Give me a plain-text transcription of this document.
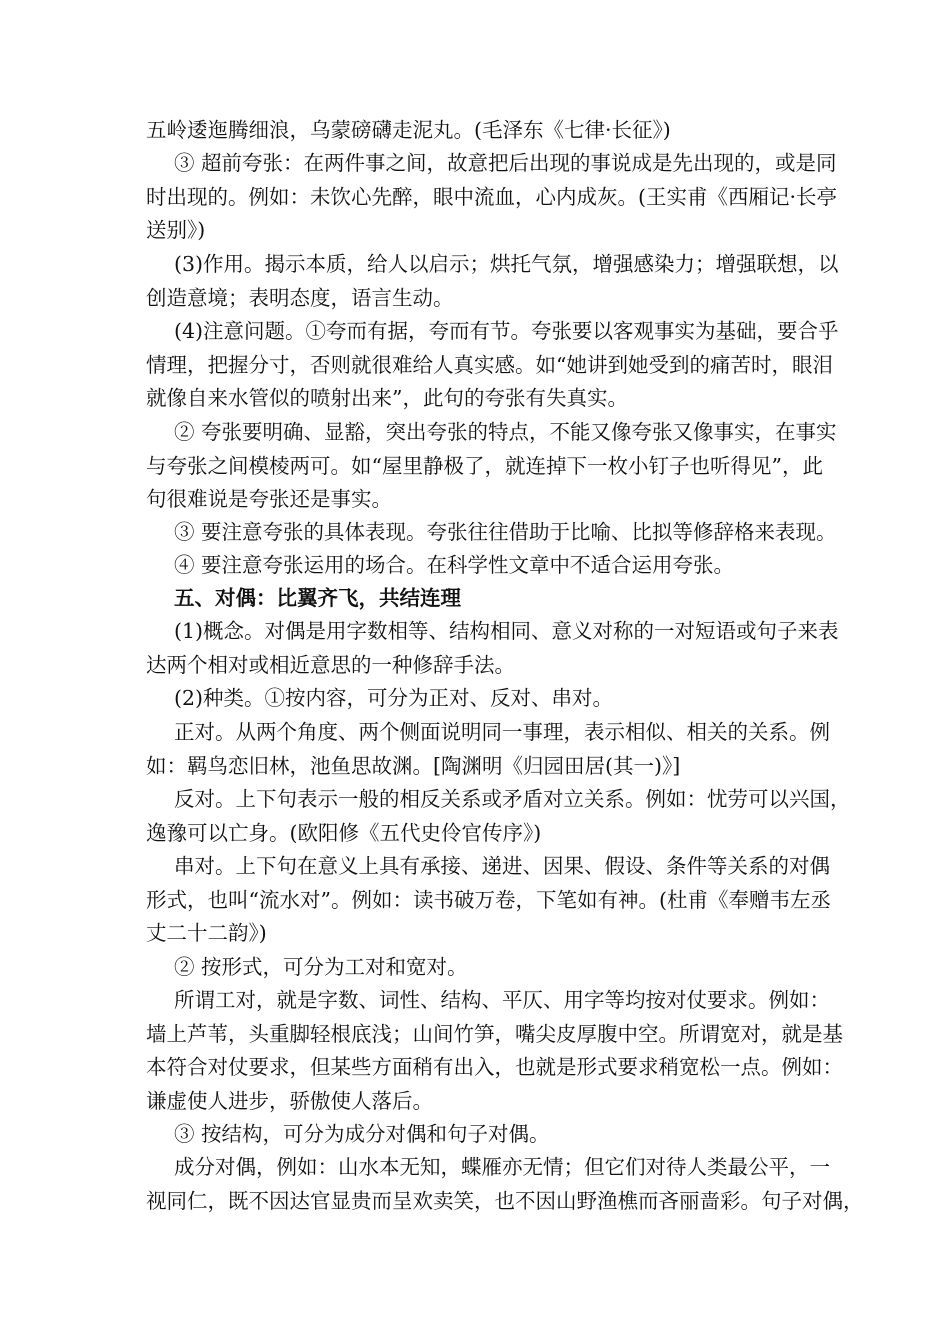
五岭逶迤腾细浪，乌蒙磅礴走泥丸。(毛泽东《七律·长征》)

③ 超前夸张：在两件事之间，故意把后出现的事说成是先出现的，或是同
时出现的。例如：未饮心先醉，眼中流血，心内成灰。(王实甫《西厢记·长亭
送别》)

(3)作用。揭示本质，给人以启示；烘托气氛，增强感染力；增强联想，以
创造意境；表明态度，语言生动。

(4)注意问题。①夸而有据，夸而有节。夸张要以客观事实为基础，要合乎
情理，把握分寸，否则就很难给人真实感。如“她讲到她受到的痛苦时，眼泪
就像自来水管似的喷射出来”，此句的夸张有失真实。

② 夸张要明确、显豁，突出夸张的特点，不能又像夸张又像事实，在事实
与夸张之间模棱两可。如“屋里静极了，就连掉下一枚小钉子也听得见”，此
句很难说是夸张还是事实。

③ 要注意夸张的具体表现。夸张往往借助于比喻、比拟等修辞格来表现。

④ 要注意夸张运用的场合。在科学性文章中不适合运用夸张。

五、对偶：比翼齐飞，共结连理

(1)概念。对偶是用字数相等、结构相同、意义对称的一对短语或句子来表
达两个相对或相近意思的一种修辞手法。

(2)种类。①按内容，可分为正对、反对、串对。

正对。从两个角度、两个侧面说明同一事理，表示相似、相关的关系。例
如：羁鸟恋旧林，池鱼思故渊。[陶渊明《归园田居(其一)》]

反对。上下句表示一般的相反关系或矛盾对立关系。例如：忧劳可以兴国，
逸豫可以亡身。(欧阳修《五代史伶官传序》)

串对。上下句在意义上具有承接、递进、因果、假设、条件等关系的对偶
形式，也叫“流水对”。例如：读书破万卷，下笔如有神。(杜甫《奉赠韦左丞
丈二十二韵》)

② 按形式，可分为工对和宽对。

所谓工对，就是字数、词性、结构、平仄、用字等均按对仗要求。例如：
墙上芦苇，头重脚轻根底浅；山间竹笋，嘴尖皮厚腹中空。所谓宽对，就是基
本符合对仗要求，但某些方面稍有出入，也就是形式要求稍宽松一点。例如：
谦虚使人进步，骄傲使人落后。

③ 按结构，可分为成分对偶和句子对偶。

成分对偶，例如：山水本无知，蝶雁亦无情；但它们对待人类最公平，一
视同仁，既不因达官显贵而呈欢卖笑，也不因山野渔樵而吝丽啬彩。句子对偶，
